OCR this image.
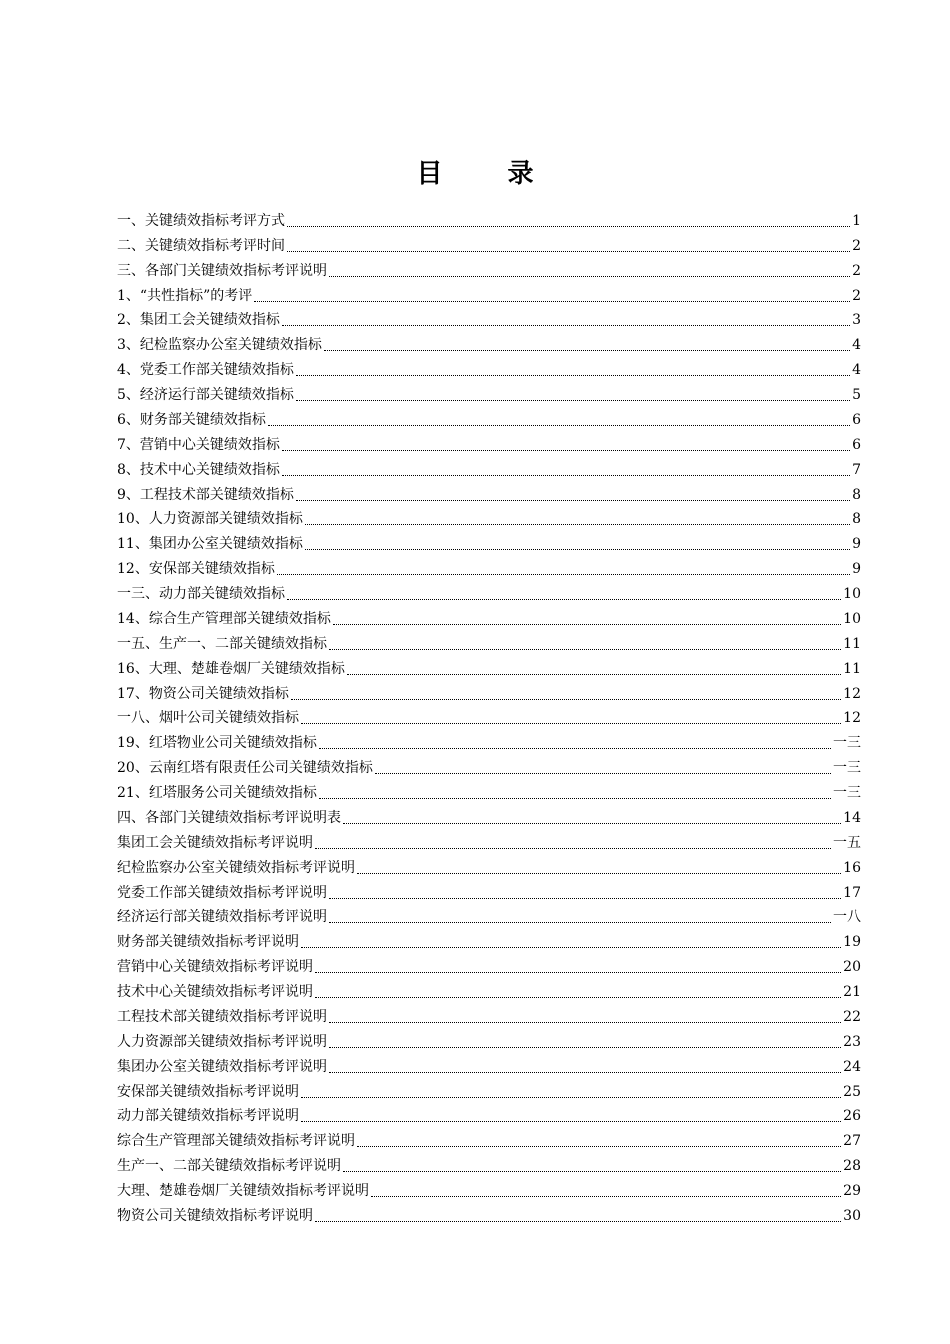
目 录
一、关键绩效指标考评方式	1
二、关键绩效指标考评时间	2
三、各部门关键绩效指标考评说明	2
1、“共性指标”的考评	2
2、集团工会关键绩效指标	3
3、纪检监察办公室关键绩效指标	4
4、党委工作部关键绩效指标	4
5、经济运行部关键绩效指标	5
6、财务部关键绩效指标	6
7、营销中心关键绩效指标	6
8、技术中心关键绩效指标	7
9、工程技术部关键绩效指标	8
10、人力资源部关键绩效指标	8
11、集团办公室关键绩效指标	9
12、安保部关键绩效指标	9
一三、动力部关键绩效指标	10
14、综合生产管理部关键绩效指标	10
一五、生产一、二部关键绩效指标	11
16、大理、楚雄卷烟厂关键绩效指标	11
17、物资公司关键绩效指标	12
一八、烟叶公司关键绩效指标	12
19、红塔物业公司关键绩效指标	一三
20、云南红塔有限责任公司关键绩效指标	一三
21、红塔服务公司关键绩效指标	一三
四、各部门关键绩效指标考评说明表	14
集团工会关键绩效指标考评说明	一五
纪检监察办公室关键绩效指标考评说明	16
党委工作部关键绩效指标考评说明	17
经济运行部关键绩效指标考评说明	一八
财务部关键绩效指标考评说明	19
营销中心关键绩效指标考评说明	20
技术中心关键绩效指标考评说明	21
工程技术部关键绩效指标考评说明	22
人力资源部关键绩效指标考评说明	23
集团办公室关键绩效指标考评说明	24
安保部关键绩效指标考评说明	25
动力部关键绩效指标考评说明	26
综合生产管理部关键绩效指标考评说明	27
生产一、二部关键绩效指标考评说明	28
大理、楚雄卷烟厂关键绩效指标考评说明	29
物资公司关键绩效指标考评说明	30
